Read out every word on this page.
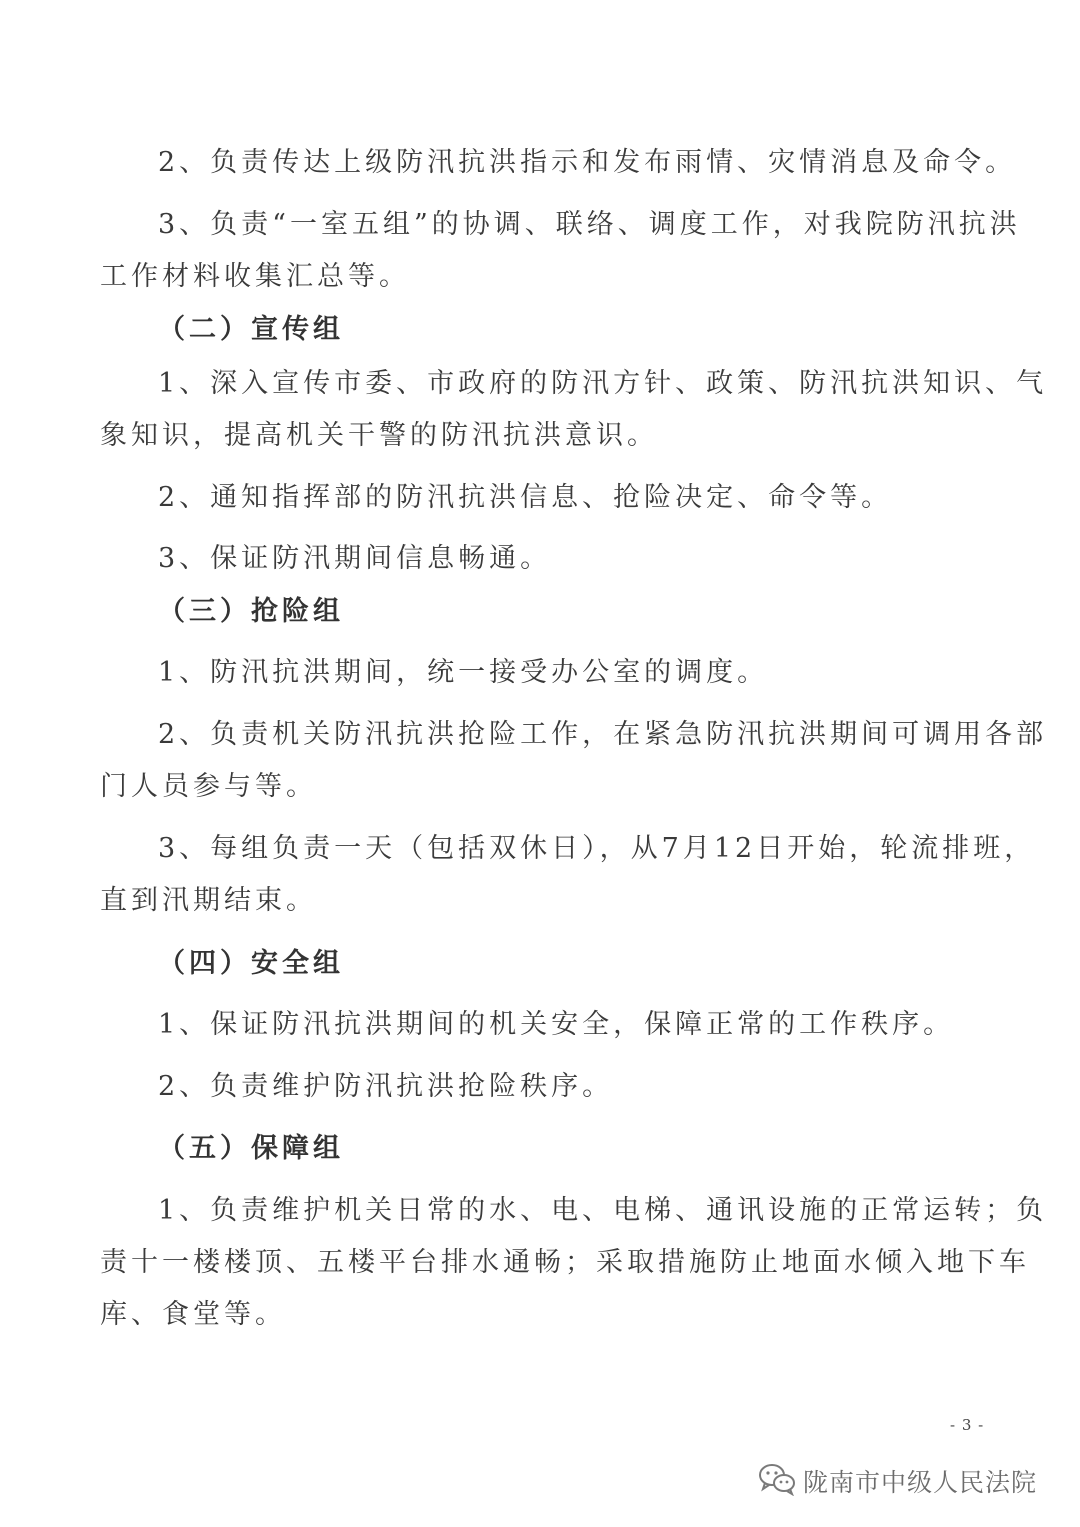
2、负责传达上级防汛抗洪指示和发布雨情、灾情消息及命令。
3、负责“一室五组”的协调、联络、调度工作，对我院防汛抗洪
工作材料收集汇总等。
（二）宣传组
1、深入宣传市委、市政府的防汛方针、政策、防汛抗洪知识、气
象知识，提高机关干警的防汛抗洪意识。
2、通知指挥部的防汛抗洪信息、抢险决定、命令等。
3、保证防汛期间信息畅通。
（三）抢险组
1、防汛抗洪期间，统一接受办公室的调度。
2、负责机关防汛抗洪抢险工作，在紧急防汛抗洪期间可调用各部
门人员参与等。
3、每组负责一天（包括双休日），从7月12日开始，轮流排班，
直到汛期结束。
（四）安全组
1、保证防汛抗洪期间的机关安全，保障正常的工作秩序。
2、负责维护防汛抗洪抢险秩序。
（五）保障组
1、负责维护机关日常的水、电、电梯、通讯设施的正常运转；负
责十一楼楼顶、五楼平台排水通畅；采取措施防止地面水倾入地下车
库、食堂等。
- 3 -
陇南市中级人民法院
